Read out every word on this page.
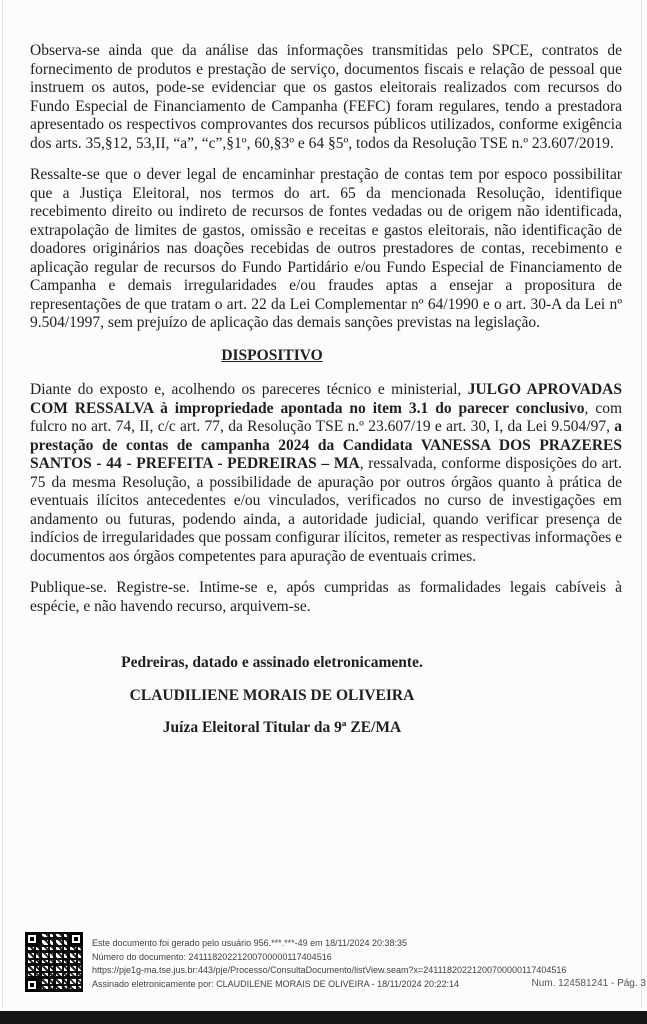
Observa-se ainda que da análise das informações transmitidas pelo SPCE, contratos de fornecimento de produtos e prestação de serviço, documentos fiscais e relação de pessoal que instruem os autos, pode-se evidenciar que os gastos eleitorais realizados com recursos do Fundo Especial de Financiamento de Campanha (FEFC) foram regulares, tendo a prestadora apresentado os respectivos comprovantes dos recursos públicos utilizados, conforme exigência dos arts. 35,§12, 53,II, “a”, “c”,§1º, 60,§3º e 64 §5º, todos da Resolução TSE n.º 23.607/2019.

Ressalte-se que o dever legal de encaminhar prestação de contas tem por espoco possibilitar que a Justiça Eleitoral, nos termos do art. 65 da mencionada Resolução, identifique recebimento direito ou indireto de recursos de fontes vedadas ou de origem não identificada, extrapolação de limites de gastos, omissão e receitas e gastos eleitorais, não identificação de doadores originários nas doações recebidas de outros prestadores de contas, recebimento e aplicação regular de recursos do Fundo Partidário e/ou Fundo Especial de Financiamento de Campanha e demais irregularidades e/ou fraudes aptas a ensejar a propositura de representações de que tratam o art. 22 da Lei Complementar nº 64/1990 e o art. 30-A da Lei nº 9.504/1997, sem prejuízo de aplicação das demais sanções previstas na legislação.

DISPOSITIVO

Diante do exposto e, acolhendo os pareceres técnico e ministerial, JULGO APROVADAS COM RESSALVA à impropriedade apontada no item 3.1 do parecer conclusivo, com fulcro no art. 74, II, c/c art. 77, da Resolução TSE n.º 23.607/19 e art. 30, I, da Lei 9.504/97, a prestação de contas de campanha 2024 da Candidata VANESSA DOS PRAZERES SANTOS - 44 - PREFEITA - PEDREIRAS – MA, ressalvada, conforme disposições do art. 75 da mesma Resolução, a possibilidade de apuração por outros órgãos quanto à prática de eventuais ilícitos antecedentes e/ou vinculados, verificados no curso de investigações em andamento ou futuras, podendo ainda, a autoridade judicial, quando verificar presença de indícios de irregularidades que possam configurar ilícitos, remeter as respectivas informações e documentos aos órgãos competentes para apuração de eventuais crimes.

Publique-se. Registre-se. Intime-se e, após cumpridas as formalidades legais cabíveis à espécie, e não havendo recurso, arquivem-se.

Pedreiras, datado e assinado eletronicamente.
CLAUDILIENE MORAIS DE OLIVEIRA
Juíza Eleitoral Titular da 9ª ZE/MA
Este documento foi gerado pelo usuário 956.***.***-49 em 18/11/2024 20:38:35
Número do documento: 24111820221200700000117404516
https://pje1g-ma.tse.jus.br:443/pje/Processo/ConsultaDocumento/listView.seam?x=24111820221200700000117404516
Assinado eletronicamente por: CLAUDILENE MORAIS DE OLIVEIRA - 18/11/2024 20:22:14	Num. 124581241 - Pág. 3
